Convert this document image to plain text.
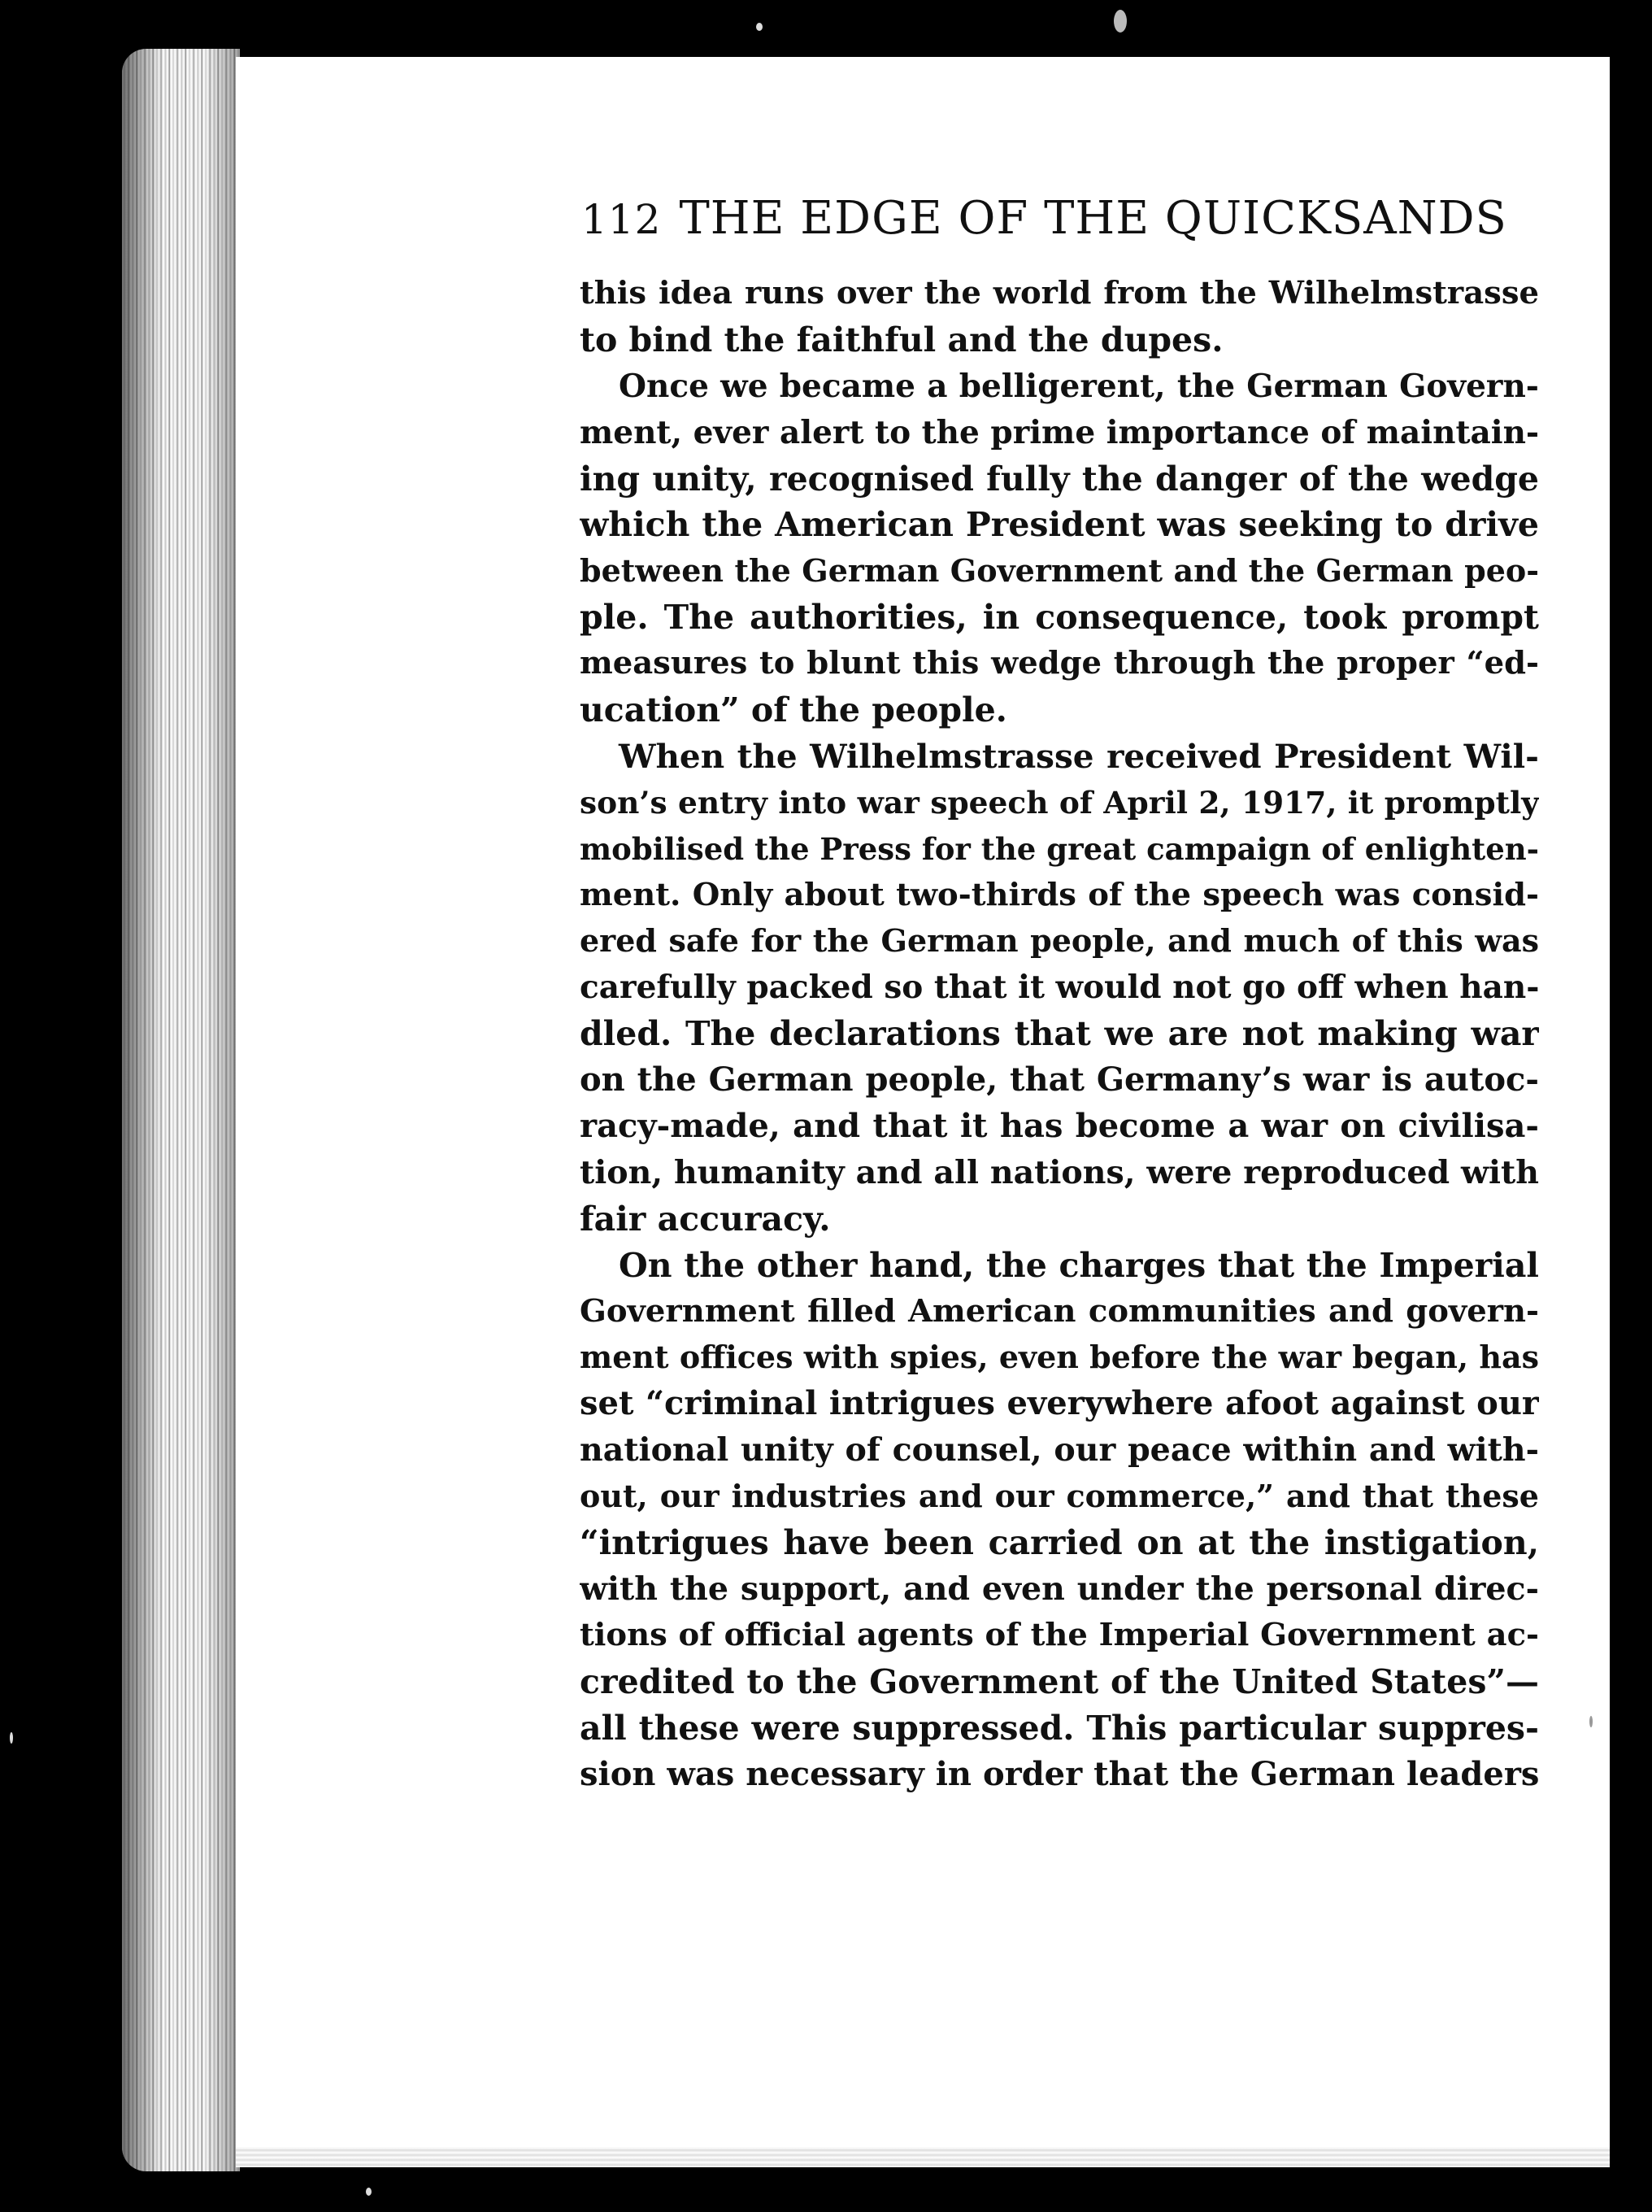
112 THE EDGE OF THE QUICKSANDS
this idea runs over the world from the Wilhelmstrasse
to bind the faithful and the dupes.
Once we became a belligerent, the German Govern-
ment, ever alert to the prime importance of maintain-
ing unity, recognised fully the danger of the wedge
which the American President was seeking to drive
between the German Government and the German peo-
ple. The authorities, in consequence, took prompt
measures to blunt this wedge through the proper “ed-
ucation” of the people.
When the Wilhelmstrasse received President Wil-
son’s entry into war speech of April 2, 1917, it promptly
mobilised the Press for the great campaign of enlighten-
ment. Only about two-thirds of the speech was consid-
ered safe for the German people, and much of this was
carefully packed so that it would not go off when han-
dled. The declarations that we are not making war
on the German people, that Germany’s war is autoc-
racy-made, and that it has become a war on civilisa-
tion, humanity and all nations, were reproduced with
fair accuracy.
On the other hand, the charges that the Imperial
Government filled American communities and govern-
ment offices with spies, even before the war began, has
set “criminal intrigues everywhere afoot against our
national unity of counsel, our peace within and with-
out, our industries and our commerce,” and that these
“intrigues have been carried on at the instigation,
with the support, and even under the personal direc-
tions of official agents of the Imperial Government ac-
credited to the Government of the United States”—
all these were suppressed. This particular suppres-
sion was necessary in order that the German leaders
